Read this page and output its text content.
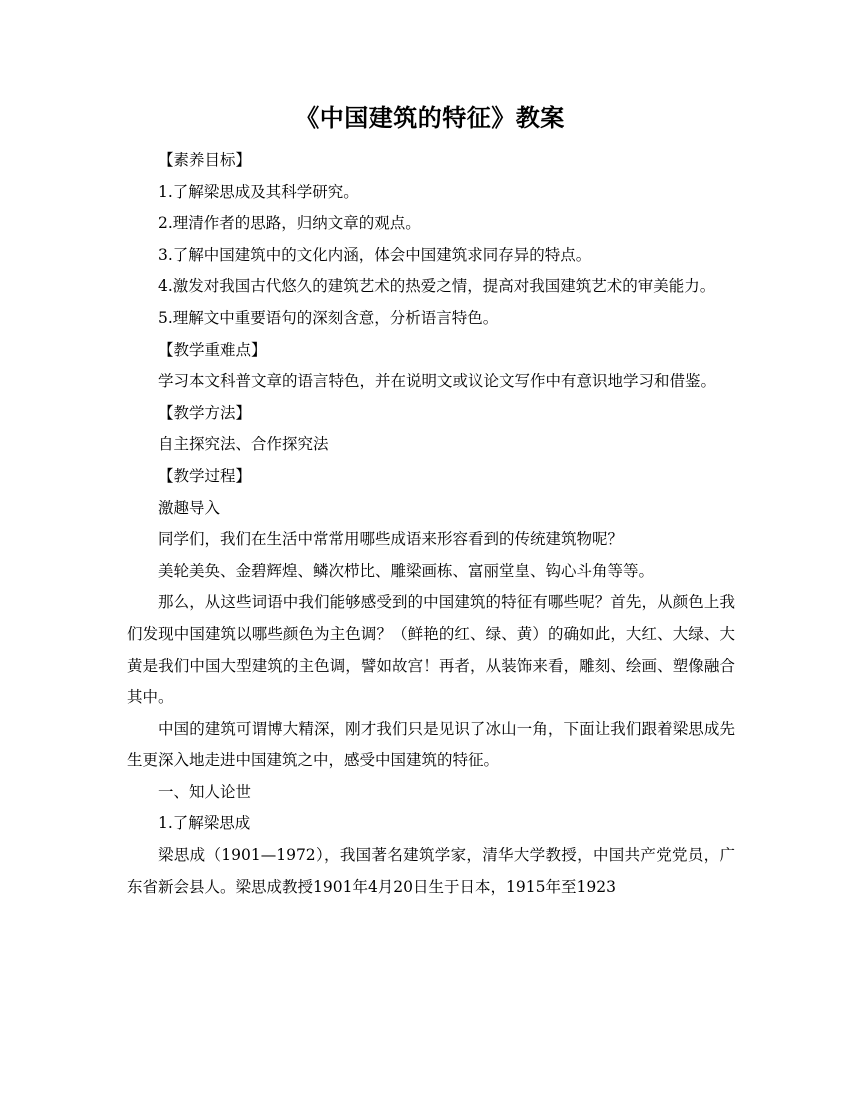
《中国建筑的特征》教案

【素养目标】

1.了解梁思成及其科学研究。

2.理清作者的思路，归纳文章的观点。

3.了解中国建筑中的文化内涵，体会中国建筑求同存异的特点。

4.激发对我国古代悠久的建筑艺术的热爱之情，提高对我国建筑艺术的审美能力。

5.理解文中重要语句的深刻含意，分析语言特色。

【教学重难点】

学习本文科普文章的语言特色，并在说明文或议论文写作中有意识地学习和借鉴。

【教学方法】

自主探究法、合作探究法

【教学过程】

激趣导入

同学们，我们在生活中常常用哪些成语来形容看到的传统建筑物呢？

美轮美奂、金碧辉煌、鳞次栉比、雕梁画栋、富丽堂皇、钩心斗角等等。

那么，从这些词语中我们能够感受到的中国建筑的特征有哪些呢？首先，从颜色上我们发现中国建筑以哪些颜色为主色调？（鲜艳的红、绿、黄）的确如此，大红、大绿、大黄是我们中国大型建筑的主色调，譬如故宫！再者，从装饰来看，雕刻、绘画、塑像融合其中。

中国的建筑可谓博大精深，刚才我们只是见识了冰山一角，下面让我们跟着梁思成先生更深入地走进中国建筑之中，感受中国建筑的特征。

一、知人论世

1.了解梁思成

梁思成（1901—1972），我国著名建筑学家，清华大学教授，中国共产党党员，广东省新会县人。梁思成教授1901年4月20日生于日本，1915年至1923
